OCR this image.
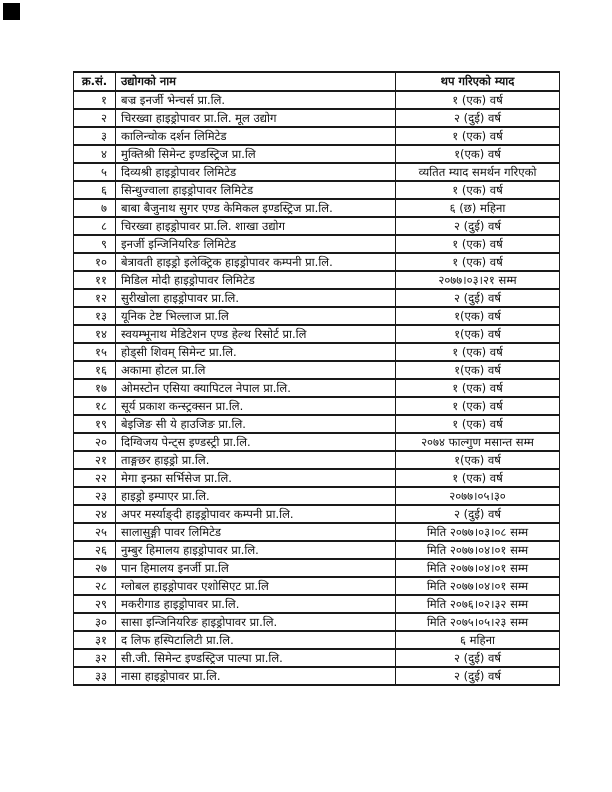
क्र.सं.	उद्योगको नाम	थप गरिएको म्याद
१	बज्र इनर्जी भेन्चर्स प्रा.लि.	१ (एक) वर्ष
२	चिरख्वा हाइड्रोपावर प्रा.लि. मूल उद्योग	२ (दुई) वर्ष
३	कालिन्चोक दर्शन लिमिटेड	१ (एक) वर्ष
४	मुक्तिश्री सिमेन्ट इण्डस्ट्रिज प्रा.लि	१(एक) वर्ष
५	दिव्यश्री हाइड्रोपावर लिमिटेड	व्यतित म्याद समर्थन गरिएको
६	सिन्धुज्वाला हाइड्रोपावर लिमिटेड	१ (एक) वर्ष
७	बाबा बैजुनाथ सुगर एण्ड केमिकल इण्डस्ट्रिज प्रा.लि.	६ (छ) महिना
८	चिरख्वा हाइड्रोपावर प्रा.लि. शाखा उद्योग	२ (दुई) वर्ष
९	इनर्जी इन्जिनियरिङ लिमिटेड	१ (एक) वर्ष
१०	बेत्रावती हाइड्रो इलेक्ट्रिक हाइड्रोपावर कम्पनी प्रा.लि.	१ (एक) वर्ष
११	मिडिल मोदी हाइड्रोपावर लिमिटेड	२०७७।०३।२१ सम्म
१२	सुरीखोला हाइड्रोपावर प्रा.लि.	२ (दुई) वर्ष
१३	यूनिक टेष्ट भिल्लाज प्रा.लि	१(एक) वर्ष
१४	स्वयम्भूनाथ मेडिटेशन एण्ड हेल्थ रिसोर्ट प्रा.लि	१(एक) वर्ष
१५	होड्सी शिवम् सिमेन्ट प्रा.लि.	१ (एक) वर्ष
१६	अकामा होटल प्रा.लि	१(एक) वर्ष
१७	ओमस्टोन एसिया क्यापिटल नेपाल प्रा.लि.	१ (एक) वर्ष
१८	सूर्य प्रकाश कन्स्ट्रक्सन प्रा.लि.	१ (एक) वर्ष
१९	बेइजिङ सी ये हाउजिङ प्रा.लि.	१ (एक) वर्ष
२०	दिग्विजय पेन्ट्स इण्डस्ट्री प्रा.लि.	२०७४ फाल्गुण मसान्त सम्म
२१	ताङ्गछर हाइड्रो प्रा.लि.	१(एक) वर्ष
२२	मेगा इन्फ्रा सर्भिसेज प्रा.लि.	१ (एक) वर्ष
२३	हाइड्रो इम्पाएर प्रा.लि.	२०७७।०५।३०
२४	अपर मर्स्याङ्दी हाइड्रोपावर कम्पनी प्रा.लि.	२ (दुई) वर्ष
२५	सालासुङ्गी पावर लिमिटेड	मिति २०७७।०३।०८ सम्म
२६	नुम्बुर हिमालय हाइड्रोपावर प्रा.लि.	मिति २०७७।०४।०१ सम्म
२७	पान हिमालय इनर्जी प्रा.लि	मिति २०७७।०४।०१ सम्म
२८	ग्लोबल हाइड्रोपावर एशोसिएट प्रा.लि	मिति २०७७।०४।०१ सम्म
२९	मकरीगाड हाइड्रोपावर प्रा.लि.	मिति २०७६।०२।३२ सम्म
३०	सासा इन्जिनियरिङ हाइड्रोपावर प्रा.लि.	मिति २०७५।०५।२३ सम्म
३१	द लिफ हस्पिटालिटी प्रा.लि.	६ महिना
३२	सी.जी. सिमेन्ट इण्डस्ट्रिज पाल्पा प्रा.लि.	२ (दुई) वर्ष
३३	नासा हाइड्रोपावर प्रा.लि.	२ (दुई) वर्ष
